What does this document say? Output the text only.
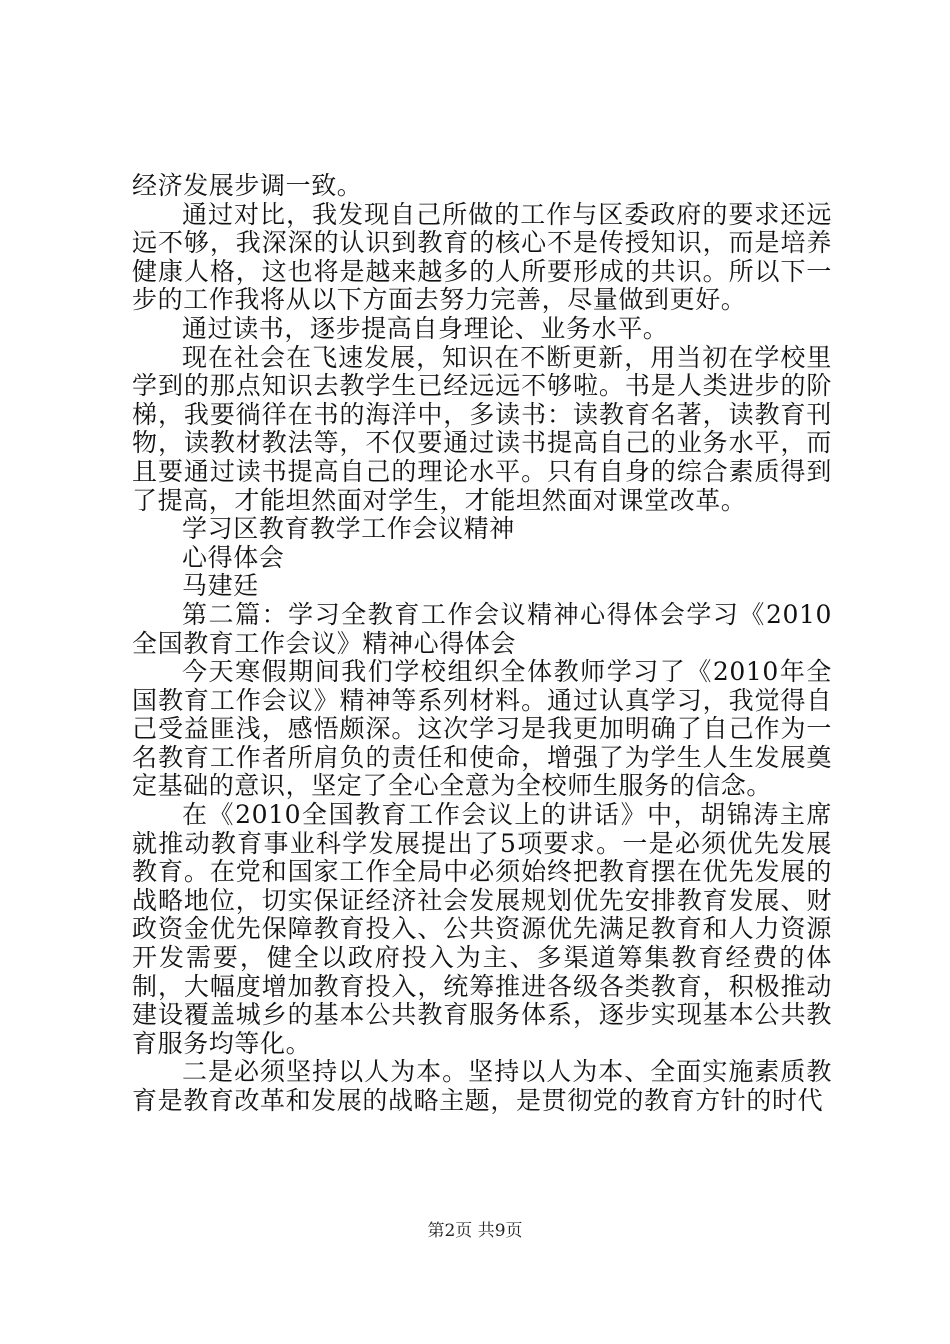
经济发展步调一致。

通过对比，我发现自己所做的工作与区委政府的要求还远远不够，我深深的认识到教育的核心不是传授知识，而是培养健康人格，这也将是越来越多的人所要形成的共识。所以下一步的工作我将从以下方面去努力完善，尽量做到更好。

通过读书，逐步提高自身理论、业务水平。

现在社会在飞速发展，知识在不断更新，用当初在学校里学到的那点知识去教学生已经远远不够啦。书是人类进步的阶梯，我要徜徉在书的海洋中，多读书：读教育名著，读教育刊物，读教材教法等，不仅要通过读书提高自己的业务水平，而且要通过读书提高自己的理论水平。只有自身的综合素质得到了提高，才能坦然面对学生，才能坦然面对课堂改革。

学习区教育教学工作会议精神

心得体会

马建廷

第二篇：学习全教育工作会议精神心得体会学习《2010全国教育工作会议》精神心得体会

今天寒假期间我们学校组织全体教师学习了《2010年全国教育工作会议》精神等系列材料。通过认真学习，我觉得自己受益匪浅，感悟颇深。这次学习是我更加明确了自己作为一名教育工作者所肩负的责任和使命，增强了为学生人生发展奠定基础的意识，坚定了全心全意为全校师生服务的信念。

在《2010全国教育工作会议上的讲话》中，胡锦涛主席就推动教育事业科学发展提出了5项要求。一是必须优先发展教育。在党和国家工作全局中必须始终把教育摆在优先发展的战略地位，切实保证经济社会发展规划优先安排教育发展、财政资金优先保障教育投入、公共资源优先满足教育和人力资源开发需要，健全以政府投入为主、多渠道筹集教育经费的体制，大幅度增加教育投入，统筹推进各级各类教育，积极推动建设覆盖城乡的基本公共教育服务体系，逐步实现基本公共教育服务均等化。

二是必须坚持以人为本。坚持以人为本、全面实施素质教育是教育改革和发展的战略主题，是贯彻党的教育方针的时代

第2页 共9页
